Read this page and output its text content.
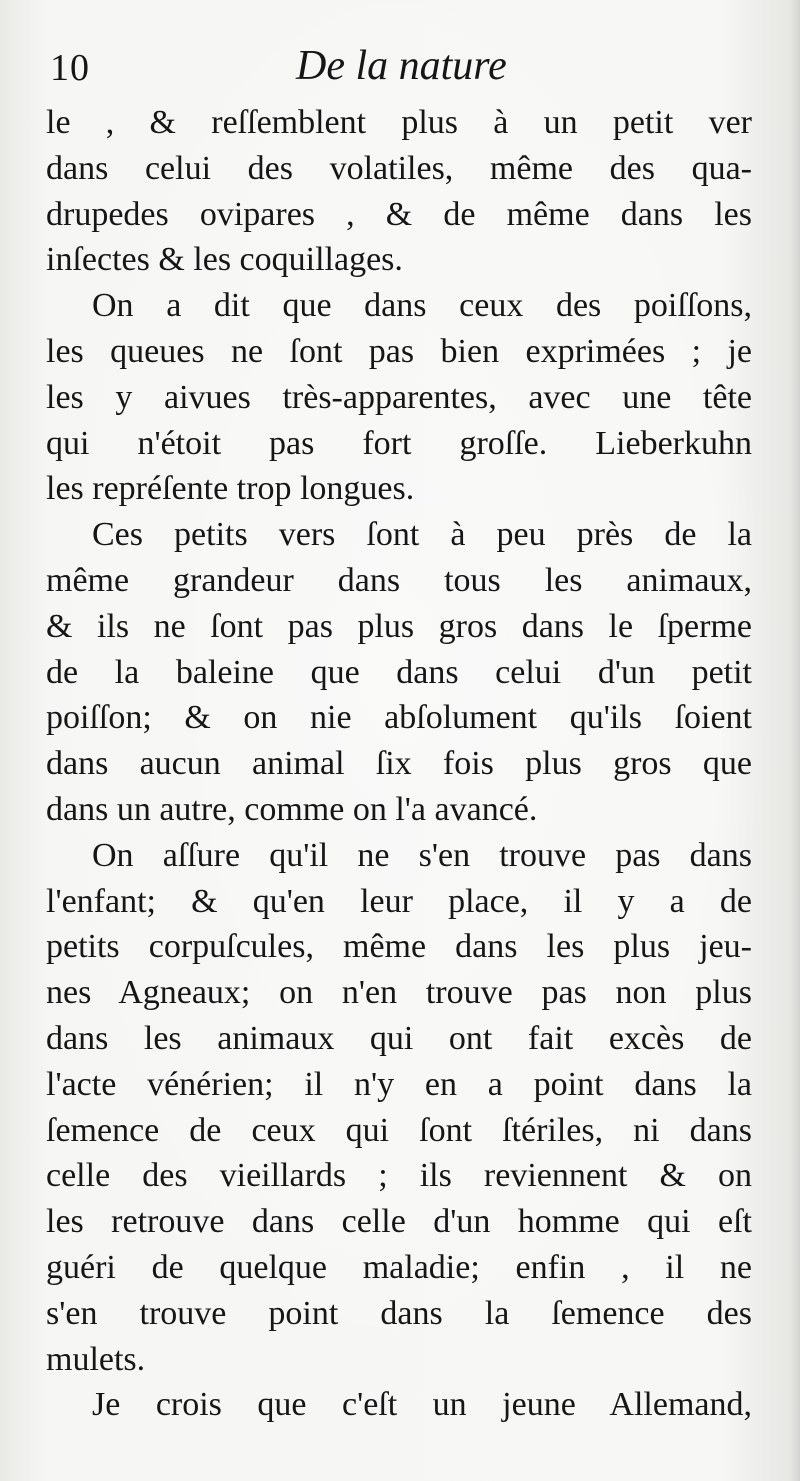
10	De la nature
le , & reſſemblent plus à un petit ver
dans celui des volatiles, même des qua-
drupedes ovipares , & de même dans les
inſectes & les coquillages.
On a dit que dans ceux des poiſſons,
les queues ne ſont pas bien exprimées ; je
les y aivues très-apparentes, avec une tête
qui n'étoit pas fort groſſe. Lieberkuhn
les repréſente trop longues.
Ces petits vers ſont à peu près de la
même grandeur dans tous les animaux,
& ils ne ſont pas plus gros dans le ſperme
de la baleine que dans celui d'un petit
poiſſon; & on nie abſolument qu'ils ſoient
dans aucun animal ſix fois plus gros que
dans un autre, comme on l'a avancé.
On aſſure qu'il ne s'en trouve pas dans
l'enfant; & qu'en leur place, il y a de
petits corpuſcules, même dans les plus jeu-
nes Agneaux; on n'en trouve pas non plus
dans les animaux qui ont fait excès de
l'acte vénérien; il n'y en a point dans la
ſemence de ceux qui ſont ſtériles, ni dans
celle des vieillards ; ils reviennent & on
les retrouve dans celle d'un homme qui eſt
guéri de quelque maladie; enfin , il ne
s'en trouve point dans la ſemence des
mulets.
Je crois que c'eſt un jeune Allemand,
